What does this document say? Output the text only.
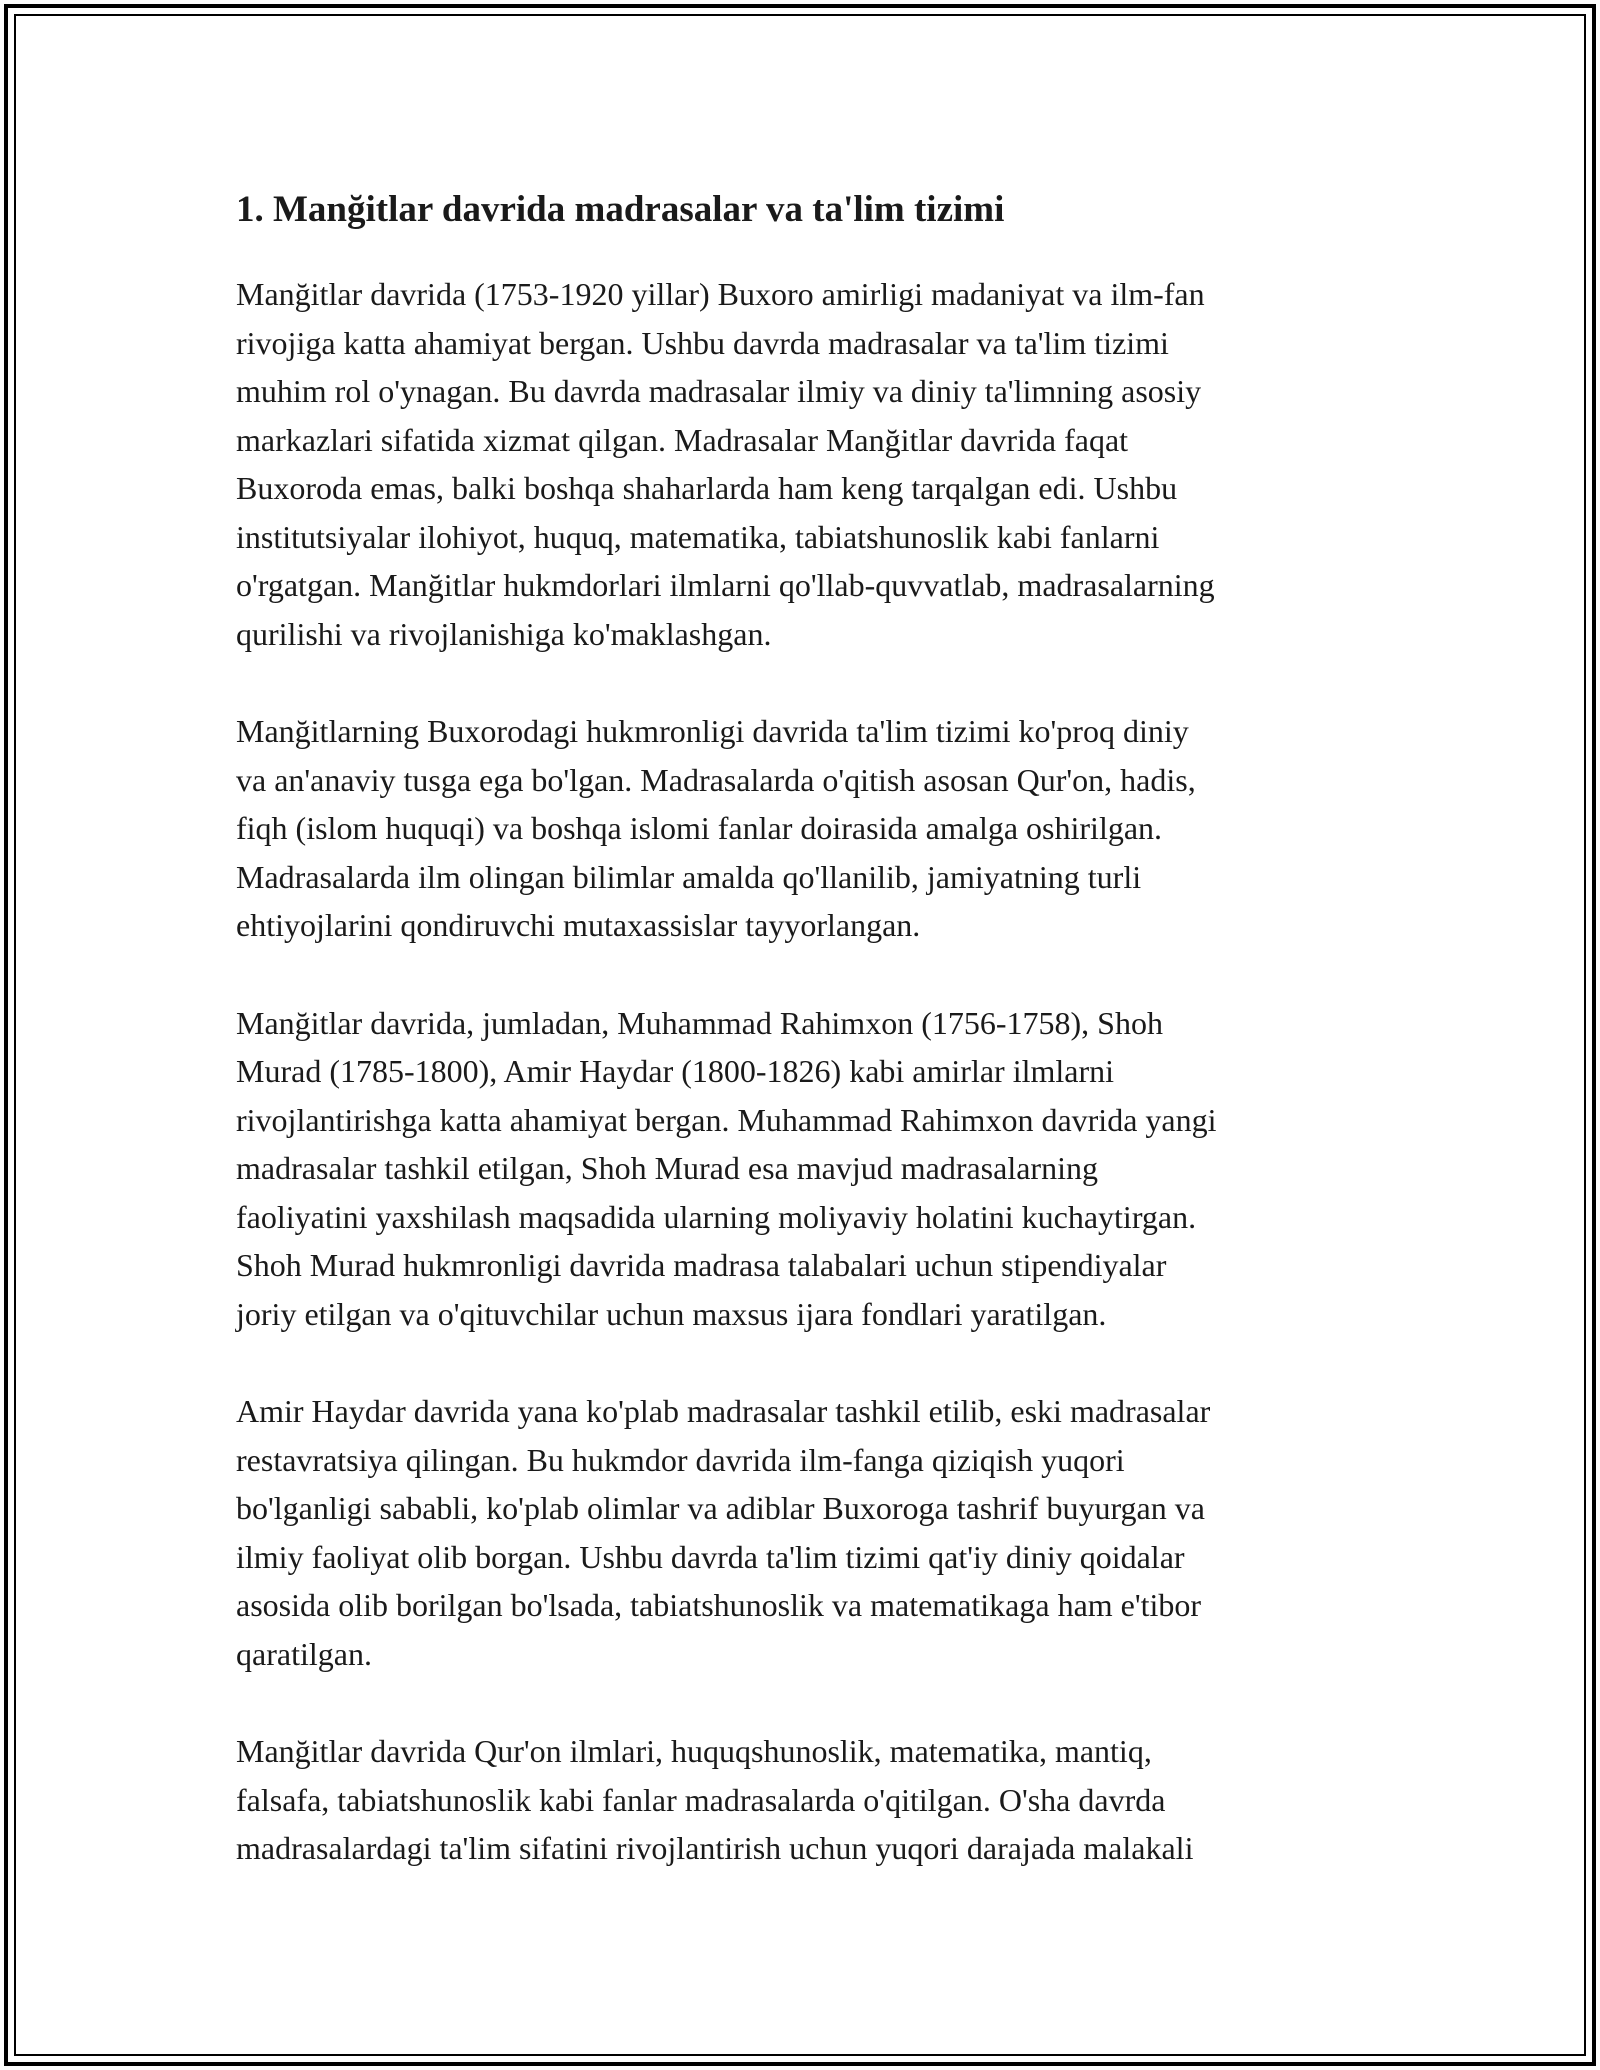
1. Manğitlar davrida madrasalar va ta'lim tizimi

Manğitlar davrida (1753-1920 yillar) Buxoro amirligi madaniyat va ilm-fan
rivojiga katta ahamiyat bergan. Ushbu davrda madrasalar va ta'lim tizimi
muhim rol o'ynagan. Bu davrda madrasalar ilmiy va diniy ta'limning asosiy
markazlari sifatida xizmat qilgan. Madrasalar Manğitlar davrida faqat
Buxoroda emas, balki boshqa shaharlarda ham keng tarqalgan edi. Ushbu
institutsiyalar ilohiyot, huquq, matematika, tabiatshunoslik kabi fanlarni
o'rgatgan. Manğitlar hukmdorlari ilmlarni qo'llab-quvvatlab, madrasalarning
qurilishi va rivojlanishiga ko'maklashgan.

Manğitlarning Buxorodagi hukmronligi davrida ta'lim tizimi ko'proq diniy
va an'anaviy tusga ega bo'lgan. Madrasalarda o'qitish asosan Qur'on, hadis,
fiqh (islom huquqi) va boshqa islomi fanlar doirasida amalga oshirilgan.
Madrasalarda ilm olingan bilimlar amalda qo'llanilib, jamiyatning turli
ehtiyojlarini qondiruvchi mutaxassislar tayyorlangan.

Manğitlar davrida, jumladan, Muhammad Rahimxon (1756-1758), Shoh
Murad (1785-1800), Amir Haydar (1800-1826) kabi amirlar ilmlarni
rivojlantirishga katta ahamiyat bergan. Muhammad Rahimxon davrida yangi
madrasalar tashkil etilgan, Shoh Murad esa mavjud madrasalarning
faoliyatini yaxshilash maqsadida ularning moliyaviy holatini kuchaytirgan.
Shoh Murad hukmronligi davrida madrasa talabalari uchun stipendiyalar
joriy etilgan va o'qituvchilar uchun maxsus ijara fondlari yaratilgan.

Amir Haydar davrida yana ko'plab madrasalar tashkil etilib, eski madrasalar
restavratsiya qilingan. Bu hukmdor davrida ilm-fanga qiziqish yuqori
bo'lganligi sababli, ko'plab olimlar va adiblar Buxoroga tashrif buyurgan va
ilmiy faoliyat olib borgan. Ushbu davrda ta'lim tizimi qat'iy diniy qoidalar
asosida olib borilgan bo'lsada, tabiatshunoslik va matematikaga ham e'tibor
qaratilgan.

Manğitlar davrida Qur'on ilmlari, huquqshunoslik, matematika, mantiq,
falsafa, tabiatshunoslik kabi fanlar madrasalarda o'qitilgan. O'sha davrda
madrasalardagi ta'lim sifatini rivojlantirish uchun yuqori darajada malakali
